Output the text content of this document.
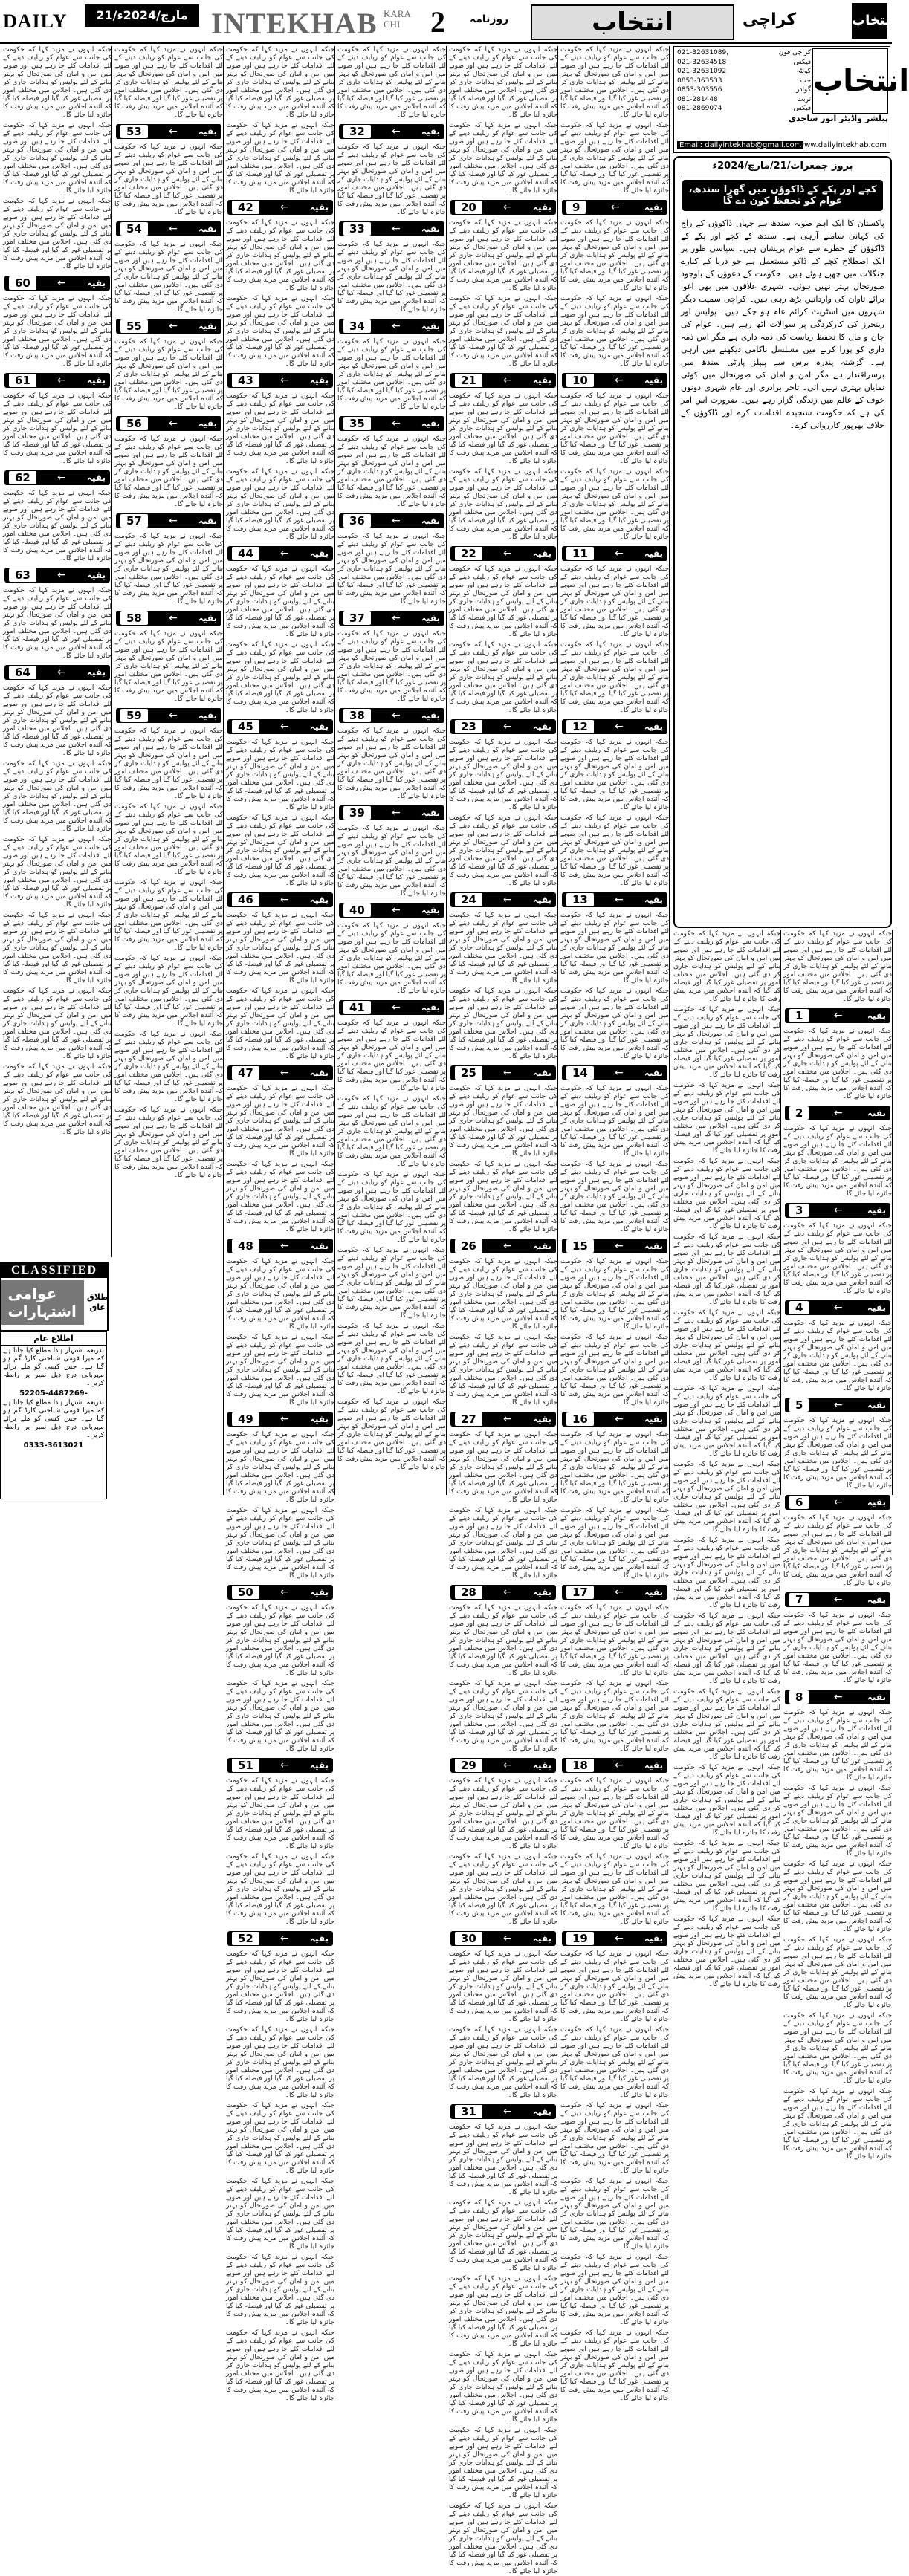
DAILY	21/مارچ/2024ء INTEKHAB KARA CHI	2	روزنامہ	انتخاب	کراچی	انتخاب
انتخاب
021-32631089,	کراچی فون
021-32634518	فیکس
021-32631092	کوئٹہ
0853-363533	حب
0853-303556	گوادر
081-281448	تربت
081-2869074	فیکس
پبلشر واڈیٹر انور ساجدی
Email: dailyintekhab@gmail.com
www.dailyintekhab.com
بروز جمعرات/21/مارچ/2024ء
کچے اور پکے کے ڈاکوؤں میں گھرا سندھ، عوام کو تحفظ کون دے گا
پاکستان کا ایک اہم صوبہ سندھ ہے جہاں ڈاکوؤں کے راج کی کہانی سامنے آرہی ہے۔ سندھ کے کچے اور پکے کے ڈاکوؤں کے خطرے سے عوام پریشان ہیں۔ سیاسی طور پر ایک اصطلاح کچے کے ڈاکو مستعمل ہے جو دریا کے کنارے جنگلات میں چھپے ہوئے ہیں۔ حکومت کے دعوؤں کے باوجود صورتحال بہتر نہیں ہوئی۔ شہری علاقوں میں بھی اغوا برائے تاوان کی وارداتیں بڑھ رہی ہیں۔ کراچی سمیت دیگر شہروں میں اسٹریٹ کرائم عام ہو چکے ہیں۔ پولیس اور رینجرز کی کارکردگی پر سوالات اٹھ رہے ہیں۔ عوام کی جان و مال کا تحفظ ریاست کی ذمہ داری ہے مگر اس ذمہ داری کو پورا کرنے میں مسلسل ناکامی دیکھنے میں آرہی ہے۔ گزشتہ پندرہ برس سے پیپلز پارٹی سندھ میں برسراقتدار ہے مگر امن و امان کی صورتحال میں کوئی نمایاں بہتری نہیں آئی۔ تاجر برادری اور عام شہری دونوں خوف کے عالم میں زندگی گزار رہے ہیں۔ ضرورت اس امر کی ہے کہ حکومت سنجیدہ اقدامات کرے اور ڈاکوؤں کے خلاف بھرپور کارروائی کرے۔

جبکہ انہوں نے مزید کہا کہ حکومت کی جانب سے عوام کو ریلیف دینے کے لئے اقدامات کئے جا رہے ہیں اور صوبے میں امن و امان کی صورتحال کو بہتر بنانے کے لئے پولیس کو ہدایات جاری کر دی گئی ہیں۔ اجلاس میں مختلف امور پر تفصیلی غور کیا گیا اور فیصلہ کیا گیا کہ آئندہ اجلاس میں مزید پیش رفت کا جائزہ لیا جائے گا۔

جبکہ انہوں نے مزید کہا کہ حکومت کی جانب سے عوام کو ریلیف دینے کے لئے اقدامات کئے جا رہے ہیں اور صوبے میں امن و امان کی صورتحال کو بہتر بنانے کے لئے پولیس کو ہدایات جاری کر دی گئی ہیں۔ اجلاس میں مختلف امور پر تفصیلی غور کیا گیا اور فیصلہ کیا گیا کہ آئندہ اجلاس میں مزید پیش رفت کا جائزہ لیا جائے گا۔

9	←	بقیہ

جبکہ انہوں نے مزید کہا کہ حکومت کی جانب سے عوام کو ریلیف دینے کے لئے اقدامات کئے جا رہے ہیں اور صوبے میں امن و امان کی صورتحال کو بہتر بنانے کے لئے پولیس کو ہدایات جاری کر دی گئی ہیں۔ اجلاس میں مختلف امور پر تفصیلی غور کیا گیا اور فیصلہ کیا گیا کہ آئندہ اجلاس میں مزید پیش رفت کا جائزہ لیا جائے گا۔

جبکہ انہوں نے مزید کہا کہ حکومت کی جانب سے عوام کو ریلیف دینے کے لئے اقدامات کئے جا رہے ہیں اور صوبے میں امن و امان کی صورتحال کو بہتر بنانے کے لئے پولیس کو ہدایات جاری کر دی گئی ہیں۔ اجلاس میں مختلف امور پر تفصیلی غور کیا گیا اور فیصلہ کیا گیا کہ آئندہ اجلاس میں مزید پیش رفت کا جائزہ لیا جائے گا۔

10	← بقیہ

جبکہ انہوں نے مزید کہا کہ حکومت کی جانب سے عوام کو ریلیف دینے کے لئے اقدامات کئے جا رہے ہیں اور صوبے میں امن و امان کی صورتحال کو بہتر بنانے کے لئے پولیس کو ہدایات جاری کر دی گئی ہیں۔ اجلاس میں مختلف امور پر تفصیلی غور کیا گیا اور فیصلہ کیا گیا کہ آئندہ اجلاس میں مزید پیش رفت کا جائزہ لیا جائے گا۔

جبکہ انہوں نے مزید کہا کہ حکومت کی جانب سے عوام کو ریلیف دینے کے لئے اقدامات کئے جا رہے ہیں اور صوبے میں امن و امان کی صورتحال کو بہتر بنانے کے لئے پولیس کو ہدایات جاری کر دی گئی ہیں۔ اجلاس میں مختلف امور پر تفصیلی غور کیا گیا اور فیصلہ کیا گیا کہ آئندہ اجلاس میں مزید پیش رفت کا جائزہ لیا جائے گا۔

11	← بقیہ

جبکہ انہوں نے مزید کہا کہ حکومت کی جانب سے عوام کو ریلیف دینے کے لئے اقدامات کئے جا رہے ہیں اور صوبے میں امن و امان کی صورتحال کو بہتر بنانے کے لئے پولیس کو ہدایات جاری کر دی گئی ہیں۔ اجلاس میں مختلف امور پر تفصیلی غور کیا گیا اور فیصلہ کیا گیا کہ آئندہ اجلاس میں مزید پیش رفت کا جائزہ لیا جائے گا۔

جبکہ انہوں نے مزید کہا کہ حکومت کی جانب سے عوام کو ریلیف دینے کے لئے اقدامات کئے جا رہے ہیں اور صوبے میں امن و امان کی صورتحال کو بہتر بنانے کے لئے پولیس کو ہدایات جاری کر دی گئی ہیں۔ اجلاس میں مختلف امور پر تفصیلی غور کیا گیا اور فیصلہ کیا گیا کہ آئندہ اجلاس میں مزید پیش رفت کا جائزہ لیا جائے گا۔

12	← بقیہ

جبکہ انہوں نے مزید کہا کہ حکومت کی جانب سے عوام کو ریلیف دینے کے لئے اقدامات کئے جا رہے ہیں اور صوبے میں امن و امان کی صورتحال کو بہتر بنانے کے لئے پولیس کو ہدایات جاری کر دی گئی ہیں۔ اجلاس میں مختلف امور پر تفصیلی غور کیا گیا اور فیصلہ کیا گیا کہ آئندہ اجلاس میں مزید پیش رفت کا جائزہ لیا جائے گا۔

جبکہ انہوں نے مزید کہا کہ حکومت کی جانب سے عوام کو ریلیف دینے کے لئے اقدامات کئے جا رہے ہیں اور صوبے میں امن و امان کی صورتحال کو بہتر بنانے کے لئے پولیس کو ہدایات جاری کر دی گئی ہیں۔ اجلاس میں مختلف امور پر تفصیلی غور کیا گیا اور فیصلہ کیا گیا کہ آئندہ اجلاس میں مزید پیش رفت کا جائزہ لیا جائے گا۔

13	← بقیہ

جبکہ انہوں نے مزید کہا کہ حکومت کی جانب سے عوام کو ریلیف دینے کے لئے اقدامات کئے جا رہے ہیں اور صوبے میں امن و امان کی صورتحال کو بہتر بنانے کے لئے پولیس کو ہدایات جاری کر دی گئی ہیں۔ اجلاس میں مختلف امور پر تفصیلی غور کیا گیا اور فیصلہ کیا گیا کہ آئندہ اجلاس میں مزید پیش رفت کا جائزہ لیا جائے گا۔

جبکہ انہوں نے مزید کہا کہ حکومت کی جانب سے عوام کو ریلیف دینے کے لئے اقدامات کئے جا رہے ہیں اور صوبے میں امن و امان کی صورتحال کو بہتر بنانے کے لئے پولیس کو ہدایات جاری کر دی گئی ہیں۔ اجلاس میں مختلف امور پر تفصیلی غور کیا گیا اور فیصلہ کیا گیا کہ آئندہ اجلاس میں مزید پیش رفت کا جائزہ لیا جائے گا۔

14	← بقیہ

جبکہ انہوں نے مزید کہا کہ حکومت کی جانب سے عوام کو ریلیف دینے کے لئے اقدامات کئے جا رہے ہیں اور صوبے میں امن و امان کی صورتحال کو بہتر بنانے کے لئے پولیس کو ہدایات جاری کر دی گئی ہیں۔ اجلاس میں مختلف امور پر تفصیلی غور کیا گیا اور فیصلہ کیا گیا کہ آئندہ اجلاس میں مزید پیش رفت کا جائزہ لیا جائے گا۔

جبکہ انہوں نے مزید کہا کہ حکومت کی جانب سے عوام کو ریلیف دینے کے لئے اقدامات کئے جا رہے ہیں اور صوبے میں امن و امان کی صورتحال کو بہتر بنانے کے لئے پولیس کو ہدایات جاری کر دی گئی ہیں۔ اجلاس میں مختلف امور پر تفصیلی غور کیا گیا اور فیصلہ کیا گیا کہ آئندہ اجلاس میں مزید پیش رفت کا جائزہ لیا جائے گا۔

15	← بقیہ

جبکہ انہوں نے مزید کہا کہ حکومت کی جانب سے عوام کو ریلیف دینے کے لئے اقدامات کئے جا رہے ہیں اور صوبے میں امن و امان کی صورتحال کو بہتر بنانے کے لئے پولیس کو ہدایات جاری کر دی گئی ہیں۔ اجلاس میں مختلف امور پر تفصیلی غور کیا گیا اور فیصلہ کیا گیا کہ آئندہ اجلاس میں مزید پیش رفت کا جائزہ لیا جائے گا۔

جبکہ انہوں نے مزید کہا کہ حکومت کی جانب سے عوام کو ریلیف دینے کے لئے اقدامات کئے جا رہے ہیں اور صوبے میں امن و امان کی صورتحال کو بہتر بنانے کے لئے پولیس کو ہدایات جاری کر دی گئی ہیں۔ اجلاس میں مختلف امور پر تفصیلی غور کیا گیا اور فیصلہ کیا گیا کہ آئندہ اجلاس میں مزید پیش رفت کا جائزہ لیا جائے گا۔

16	← بقیہ

جبکہ انہوں نے مزید کہا کہ حکومت کی جانب سے عوام کو ریلیف دینے کے لئے اقدامات کئے جا رہے ہیں اور صوبے میں امن و امان کی صورتحال کو بہتر بنانے کے لئے پولیس کو ہدایات جاری کر دی گئی ہیں۔ اجلاس میں مختلف امور پر تفصیلی غور کیا گیا اور فیصلہ کیا گیا کہ آئندہ اجلاس میں مزید پیش رفت کا جائزہ لیا جائے گا۔

جبکہ انہوں نے مزید کہا کہ حکومت کی جانب سے عوام کو ریلیف دینے کے لئے اقدامات کئے جا رہے ہیں اور صوبے میں امن و امان کی صورتحال کو بہتر بنانے کے لئے پولیس کو ہدایات جاری کر دی گئی ہیں۔ اجلاس میں مختلف امور پر تفصیلی غور کیا گیا اور فیصلہ کیا گیا کہ آئندہ اجلاس میں مزید پیش رفت کا جائزہ لیا جائے گا۔

17	← بقیہ

جبکہ انہوں نے مزید کہا کہ حکومت کی جانب سے عوام کو ریلیف دینے کے لئے اقدامات کئے جا رہے ہیں اور صوبے میں امن و امان کی صورتحال کو بہتر بنانے کے لئے پولیس کو ہدایات جاری کر دی گئی ہیں۔ اجلاس میں مختلف امور پر تفصیلی غور کیا گیا اور فیصلہ کیا گیا کہ آئندہ اجلاس میں مزید پیش رفت کا جائزہ لیا جائے گا۔

جبکہ انہوں نے مزید کہا کہ حکومت کی جانب سے عوام کو ریلیف دینے کے لئے اقدامات کئے جا رہے ہیں اور صوبے میں امن و امان کی صورتحال کو بہتر بنانے کے لئے پولیس کو ہدایات جاری کر دی گئی ہیں۔ اجلاس میں مختلف امور پر تفصیلی غور کیا گیا اور فیصلہ کیا گیا کہ آئندہ اجلاس میں مزید پیش رفت کا جائزہ لیا جائے گا۔

18	← بقیہ

جبکہ انہوں نے مزید کہا کہ حکومت کی جانب سے عوام کو ریلیف دینے کے لئے اقدامات کئے جا رہے ہیں اور صوبے میں امن و امان کی صورتحال کو بہتر بنانے کے لئے پولیس کو ہدایات جاری کر دی گئی ہیں۔ اجلاس میں مختلف امور پر تفصیلی غور کیا گیا اور فیصلہ کیا گیا کہ آئندہ اجلاس میں مزید پیش رفت کا جائزہ لیا جائے گا۔

جبکہ انہوں نے مزید کہا کہ حکومت کی جانب سے عوام کو ریلیف دینے کے لئے اقدامات کئے جا رہے ہیں اور صوبے میں امن و امان کی صورتحال کو بہتر بنانے کے لئے پولیس کو ہدایات جاری کر دی گئی ہیں۔ اجلاس میں مختلف امور پر تفصیلی غور کیا گیا اور فیصلہ کیا گیا کہ آئندہ اجلاس میں مزید پیش رفت کا جائزہ لیا جائے گا۔

19	← بقیہ

جبکہ انہوں نے مزید کہا کہ حکومت کی جانب سے عوام کو ریلیف دینے کے لئے اقدامات کئے جا رہے ہیں اور صوبے میں امن و امان کی صورتحال کو بہتر بنانے کے لئے پولیس کو ہدایات جاری کر دی گئی ہیں۔ اجلاس میں مختلف امور پر تفصیلی غور کیا گیا اور فیصلہ کیا گیا کہ آئندہ اجلاس میں مزید پیش رفت کا جائزہ لیا جائے گا۔

جبکہ انہوں نے مزید کہا کہ حکومت کی جانب سے عوام کو ریلیف دینے کے لئے اقدامات کئے جا رہے ہیں اور صوبے میں امن و امان کی صورتحال کو بہتر بنانے کے لئے پولیس کو ہدایات جاری کر دی گئی ہیں۔ اجلاس میں مختلف امور پر تفصیلی غور کیا گیا اور فیصلہ کیا گیا کہ آئندہ اجلاس میں مزید پیش رفت کا جائزہ لیا جائے گا۔

جبکہ انہوں نے مزید کہا کہ حکومت کی جانب سے عوام کو ریلیف دینے کے لئے اقدامات کئے جا رہے ہیں اور صوبے میں امن و امان کی صورتحال کو بہتر بنانے کے لئے پولیس کو ہدایات جاری کر دی گئی ہیں۔ اجلاس میں مختلف امور پر تفصیلی غور کیا گیا اور فیصلہ کیا گیا کہ آئندہ اجلاس میں مزید پیش رفت کا جائزہ لیا جائے گا۔

جبکہ انہوں نے مزید کہا کہ حکومت کی جانب سے عوام کو ریلیف دینے کے لئے اقدامات کئے جا رہے ہیں اور صوبے میں امن و امان کی صورتحال کو بہتر بنانے کے لئے پولیس کو ہدایات جاری کر دی گئی ہیں۔ اجلاس میں مختلف امور پر تفصیلی غور کیا گیا اور فیصلہ کیا گیا کہ آئندہ اجلاس میں مزید پیش رفت کا جائزہ لیا جائے گا۔

جبکہ انہوں نے مزید کہا کہ حکومت کی جانب سے عوام کو ریلیف دینے کے لئے اقدامات کئے جا رہے ہیں اور صوبے میں امن و امان کی صورتحال کو بہتر بنانے کے لئے پولیس کو ہدایات جاری کر دی گئی ہیں۔ اجلاس میں مختلف امور پر تفصیلی غور کیا گیا اور فیصلہ کیا گیا کہ آئندہ اجلاس میں مزید پیش رفت کا جائزہ لیا جائے گا۔

جبکہ انہوں نے مزید کہا کہ حکومت کی جانب سے عوام کو ریلیف دینے کے لئے اقدامات کئے جا رہے ہیں اور صوبے میں امن و امان کی صورتحال کو بہتر بنانے کے لئے پولیس کو ہدایات جاری کر دی گئی ہیں۔ اجلاس میں مختلف امور پر تفصیلی غور کیا گیا اور فیصلہ کیا گیا کہ آئندہ اجلاس میں مزید پیش رفت کا جائزہ لیا جائے گا۔

جبکہ انہوں نے مزید کہا کہ حکومت کی جانب سے عوام کو ریلیف دینے کے لئے اقدامات کئے جا رہے ہیں اور صوبے میں امن و امان کی صورتحال کو بہتر بنانے کے لئے پولیس کو ہدایات جاری کر دی گئی ہیں۔ اجلاس میں مختلف امور پر تفصیلی غور کیا گیا اور فیصلہ کیا گیا کہ آئندہ اجلاس میں مزید پیش رفت کا جائزہ لیا جائے گا۔

جبکہ انہوں نے مزید کہا کہ حکومت کی جانب سے عوام کو ریلیف دینے کے لئے اقدامات کئے جا رہے ہیں اور صوبے میں امن و امان کی صورتحال کو بہتر بنانے کے لئے پولیس کو ہدایات جاری کر دی گئی ہیں۔ اجلاس میں مختلف امور پر تفصیلی غور کیا گیا اور فیصلہ کیا گیا کہ آئندہ اجلاس میں مزید پیش رفت کا جائزہ لیا جائے گا۔

20	← بقیہ

جبکہ انہوں نے مزید کہا کہ حکومت کی جانب سے عوام کو ریلیف دینے کے لئے اقدامات کئے جا رہے ہیں اور صوبے میں امن و امان کی صورتحال کو بہتر بنانے کے لئے پولیس کو ہدایات جاری کر دی گئی ہیں۔ اجلاس میں مختلف امور پر تفصیلی غور کیا گیا اور فیصلہ کیا گیا کہ آئندہ اجلاس میں مزید پیش رفت کا جائزہ لیا جائے گا۔

جبکہ انہوں نے مزید کہا کہ حکومت کی جانب سے عوام کو ریلیف دینے کے لئے اقدامات کئے جا رہے ہیں اور صوبے میں امن و امان کی صورتحال کو بہتر بنانے کے لئے پولیس کو ہدایات جاری کر دی گئی ہیں۔ اجلاس میں مختلف امور پر تفصیلی غور کیا گیا اور فیصلہ کیا گیا کہ آئندہ اجلاس میں مزید پیش رفت کا جائزہ لیا جائے گا۔

21	← بقیہ

جبکہ انہوں نے مزید کہا کہ حکومت کی جانب سے عوام کو ریلیف دینے کے لئے اقدامات کئے جا رہے ہیں اور صوبے میں امن و امان کی صورتحال کو بہتر بنانے کے لئے پولیس کو ہدایات جاری کر دی گئی ہیں۔ اجلاس میں مختلف امور پر تفصیلی غور کیا گیا اور فیصلہ کیا گیا کہ آئندہ اجلاس میں مزید پیش رفت کا جائزہ لیا جائے گا۔

جبکہ انہوں نے مزید کہا کہ حکومت کی جانب سے عوام کو ریلیف دینے کے لئے اقدامات کئے جا رہے ہیں اور صوبے میں امن و امان کی صورتحال کو بہتر بنانے کے لئے پولیس کو ہدایات جاری کر دی گئی ہیں۔ اجلاس میں مختلف امور پر تفصیلی غور کیا گیا اور فیصلہ کیا گیا کہ آئندہ اجلاس میں مزید پیش رفت کا جائزہ لیا جائے گا۔

22	← بقیہ

جبکہ انہوں نے مزید کہا کہ حکومت کی جانب سے عوام کو ریلیف دینے کے لئے اقدامات کئے جا رہے ہیں اور صوبے میں امن و امان کی صورتحال کو بہتر بنانے کے لئے پولیس کو ہدایات جاری کر دی گئی ہیں۔ اجلاس میں مختلف امور پر تفصیلی غور کیا گیا اور فیصلہ کیا گیا کہ آئندہ اجلاس میں مزید پیش رفت کا جائزہ لیا جائے گا۔

جبکہ انہوں نے مزید کہا کہ حکومت کی جانب سے عوام کو ریلیف دینے کے لئے اقدامات کئے جا رہے ہیں اور صوبے میں امن و امان کی صورتحال کو بہتر بنانے کے لئے پولیس کو ہدایات جاری کر دی گئی ہیں۔ اجلاس میں مختلف امور پر تفصیلی غور کیا گیا اور فیصلہ کیا گیا کہ آئندہ اجلاس میں مزید پیش رفت کا جائزہ لیا جائے گا۔

23	← بقیہ

جبکہ انہوں نے مزید کہا کہ حکومت کی جانب سے عوام کو ریلیف دینے کے لئے اقدامات کئے جا رہے ہیں اور صوبے میں امن و امان کی صورتحال کو بہتر بنانے کے لئے پولیس کو ہدایات جاری کر دی گئی ہیں۔ اجلاس میں مختلف امور پر تفصیلی غور کیا گیا اور فیصلہ کیا گیا کہ آئندہ اجلاس میں مزید پیش رفت کا جائزہ لیا جائے گا۔

جبکہ انہوں نے مزید کہا کہ حکومت کی جانب سے عوام کو ریلیف دینے کے لئے اقدامات کئے جا رہے ہیں اور صوبے میں امن و امان کی صورتحال کو بہتر بنانے کے لئے پولیس کو ہدایات جاری کر دی گئی ہیں۔ اجلاس میں مختلف امور پر تفصیلی غور کیا گیا اور فیصلہ کیا گیا کہ آئندہ اجلاس میں مزید پیش رفت کا جائزہ لیا جائے گا۔

24	← بقیہ

جبکہ انہوں نے مزید کہا کہ حکومت کی جانب سے عوام کو ریلیف دینے کے لئے اقدامات کئے جا رہے ہیں اور صوبے میں امن و امان کی صورتحال کو بہتر بنانے کے لئے پولیس کو ہدایات جاری کر دی گئی ہیں۔ اجلاس میں مختلف امور پر تفصیلی غور کیا گیا اور فیصلہ کیا گیا کہ آئندہ اجلاس میں مزید پیش رفت کا جائزہ لیا جائے گا۔

جبکہ انہوں نے مزید کہا کہ حکومت کی جانب سے عوام کو ریلیف دینے کے لئے اقدامات کئے جا رہے ہیں اور صوبے میں امن و امان کی صورتحال کو بہتر بنانے کے لئے پولیس کو ہدایات جاری کر دی گئی ہیں۔ اجلاس میں مختلف امور پر تفصیلی غور کیا گیا اور فیصلہ کیا گیا کہ آئندہ اجلاس میں مزید پیش رفت کا جائزہ لیا جائے گا۔

25	← بقیہ

جبکہ انہوں نے مزید کہا کہ حکومت کی جانب سے عوام کو ریلیف دینے کے لئے اقدامات کئے جا رہے ہیں اور صوبے میں امن و امان کی صورتحال کو بہتر بنانے کے لئے پولیس کو ہدایات جاری کر دی گئی ہیں۔ اجلاس میں مختلف امور پر تفصیلی غور کیا گیا اور فیصلہ کیا گیا کہ آئندہ اجلاس میں مزید پیش رفت کا جائزہ لیا جائے گا۔

جبکہ انہوں نے مزید کہا کہ حکومت کی جانب سے عوام کو ریلیف دینے کے لئے اقدامات کئے جا رہے ہیں اور صوبے میں امن و امان کی صورتحال کو بہتر بنانے کے لئے پولیس کو ہدایات جاری کر دی گئی ہیں۔ اجلاس میں مختلف امور پر تفصیلی غور کیا گیا اور فیصلہ کیا گیا کہ آئندہ اجلاس میں مزید پیش رفت کا جائزہ لیا جائے گا۔

26	← بقیہ

جبکہ انہوں نے مزید کہا کہ حکومت کی جانب سے عوام کو ریلیف دینے کے لئے اقدامات کئے جا رہے ہیں اور صوبے میں امن و امان کی صورتحال کو بہتر بنانے کے لئے پولیس کو ہدایات جاری کر دی گئی ہیں۔ اجلاس میں مختلف امور پر تفصیلی غور کیا گیا اور فیصلہ کیا گیا کہ آئندہ اجلاس میں مزید پیش رفت کا جائزہ لیا جائے گا۔

جبکہ انہوں نے مزید کہا کہ حکومت کی جانب سے عوام کو ریلیف دینے کے لئے اقدامات کئے جا رہے ہیں اور صوبے میں امن و امان کی صورتحال کو بہتر بنانے کے لئے پولیس کو ہدایات جاری کر دی گئی ہیں۔ اجلاس میں مختلف امور پر تفصیلی غور کیا گیا اور فیصلہ کیا گیا کہ آئندہ اجلاس میں مزید پیش رفت کا جائزہ لیا جائے گا۔

27	← بقیہ

جبکہ انہوں نے مزید کہا کہ حکومت کی جانب سے عوام کو ریلیف دینے کے لئے اقدامات کئے جا رہے ہیں اور صوبے میں امن و امان کی صورتحال کو بہتر بنانے کے لئے پولیس کو ہدایات جاری کر دی گئی ہیں۔ اجلاس میں مختلف امور پر تفصیلی غور کیا گیا اور فیصلہ کیا گیا کہ آئندہ اجلاس میں مزید پیش رفت کا جائزہ لیا جائے گا۔

جبکہ انہوں نے مزید کہا کہ حکومت کی جانب سے عوام کو ریلیف دینے کے لئے اقدامات کئے جا رہے ہیں اور صوبے میں امن و امان کی صورتحال کو بہتر بنانے کے لئے پولیس کو ہدایات جاری کر دی گئی ہیں۔ اجلاس میں مختلف امور پر تفصیلی غور کیا گیا اور فیصلہ کیا گیا کہ آئندہ اجلاس میں مزید پیش رفت کا جائزہ لیا جائے گا۔

28	← بقیہ

جبکہ انہوں نے مزید کہا کہ حکومت کی جانب سے عوام کو ریلیف دینے کے لئے اقدامات کئے جا رہے ہیں اور صوبے میں امن و امان کی صورتحال کو بہتر بنانے کے لئے پولیس کو ہدایات جاری کر دی گئی ہیں۔ اجلاس میں مختلف امور پر تفصیلی غور کیا گیا اور فیصلہ کیا گیا کہ آئندہ اجلاس میں مزید پیش رفت کا جائزہ لیا جائے گا۔

جبکہ انہوں نے مزید کہا کہ حکومت کی جانب سے عوام کو ریلیف دینے کے لئے اقدامات کئے جا رہے ہیں اور صوبے میں امن و امان کی صورتحال کو بہتر بنانے کے لئے پولیس کو ہدایات جاری کر دی گئی ہیں۔ اجلاس میں مختلف امور پر تفصیلی غور کیا گیا اور فیصلہ کیا گیا کہ آئندہ اجلاس میں مزید پیش رفت کا جائزہ لیا جائے گا۔

29	← بقیہ

جبکہ انہوں نے مزید کہا کہ حکومت کی جانب سے عوام کو ریلیف دینے کے لئے اقدامات کئے جا رہے ہیں اور صوبے میں امن و امان کی صورتحال کو بہتر بنانے کے لئے پولیس کو ہدایات جاری کر دی گئی ہیں۔ اجلاس میں مختلف امور پر تفصیلی غور کیا گیا اور فیصلہ کیا گیا کہ آئندہ اجلاس میں مزید پیش رفت کا جائزہ لیا جائے گا۔

جبکہ انہوں نے مزید کہا کہ حکومت کی جانب سے عوام کو ریلیف دینے کے لئے اقدامات کئے جا رہے ہیں اور صوبے میں امن و امان کی صورتحال کو بہتر بنانے کے لئے پولیس کو ہدایات جاری کر دی گئی ہیں۔ اجلاس میں مختلف امور پر تفصیلی غور کیا گیا اور فیصلہ کیا گیا کہ آئندہ اجلاس میں مزید پیش رفت کا جائزہ لیا جائے گا۔

30	← بقیہ

جبکہ انہوں نے مزید کہا کہ حکومت کی جانب سے عوام کو ریلیف دینے کے لئے اقدامات کئے جا رہے ہیں اور صوبے میں امن و امان کی صورتحال کو بہتر بنانے کے لئے پولیس کو ہدایات جاری کر دی گئی ہیں۔ اجلاس میں مختلف امور پر تفصیلی غور کیا گیا اور فیصلہ کیا گیا کہ آئندہ اجلاس میں مزید پیش رفت کا جائزہ لیا جائے گا۔

جبکہ انہوں نے مزید کہا کہ حکومت کی جانب سے عوام کو ریلیف دینے کے لئے اقدامات کئے جا رہے ہیں اور صوبے میں امن و امان کی صورتحال کو بہتر بنانے کے لئے پولیس کو ہدایات جاری کر دی گئی ہیں۔ اجلاس میں مختلف امور پر تفصیلی غور کیا گیا اور فیصلہ کیا گیا کہ آئندہ اجلاس میں مزید پیش رفت کا جائزہ لیا جائے گا۔

31	← بقیہ

جبکہ انہوں نے مزید کہا کہ حکومت کی جانب سے عوام کو ریلیف دینے کے لئے اقدامات کئے جا رہے ہیں اور صوبے میں امن و امان کی صورتحال کو بہتر بنانے کے لئے پولیس کو ہدایات جاری کر دی گئی ہیں۔ اجلاس میں مختلف امور پر تفصیلی غور کیا گیا اور فیصلہ کیا گیا کہ آئندہ اجلاس میں مزید پیش رفت کا جائزہ لیا جائے گا۔

جبکہ انہوں نے مزید کہا کہ حکومت کی جانب سے عوام کو ریلیف دینے کے لئے اقدامات کئے جا رہے ہیں اور صوبے میں امن و امان کی صورتحال کو بہتر بنانے کے لئے پولیس کو ہدایات جاری کر دی گئی ہیں۔ اجلاس میں مختلف امور پر تفصیلی غور کیا گیا اور فیصلہ کیا گیا کہ آئندہ اجلاس میں مزید پیش رفت کا جائزہ لیا جائے گا۔

جبکہ انہوں نے مزید کہا کہ حکومت کی جانب سے عوام کو ریلیف دینے کے لئے اقدامات کئے جا رہے ہیں اور صوبے میں امن و امان کی صورتحال کو بہتر بنانے کے لئے پولیس کو ہدایات جاری کر دی گئی ہیں۔ اجلاس میں مختلف امور پر تفصیلی غور کیا گیا اور فیصلہ کیا گیا کہ آئندہ اجلاس میں مزید پیش رفت کا جائزہ لیا جائے گا۔

جبکہ انہوں نے مزید کہا کہ حکومت کی جانب سے عوام کو ریلیف دینے کے لئے اقدامات کئے جا رہے ہیں اور صوبے میں امن و امان کی صورتحال کو بہتر بنانے کے لئے پولیس کو ہدایات جاری کر دی گئی ہیں۔ اجلاس میں مختلف امور پر تفصیلی غور کیا گیا اور فیصلہ کیا گیا کہ آئندہ اجلاس میں مزید پیش رفت کا جائزہ لیا جائے گا۔

جبکہ انہوں نے مزید کہا کہ حکومت کی جانب سے عوام کو ریلیف دینے کے لئے اقدامات کئے جا رہے ہیں اور صوبے میں امن و امان کی صورتحال کو بہتر بنانے کے لئے پولیس کو ہدایات جاری کر دی گئی ہیں۔ اجلاس میں مختلف امور پر تفصیلی غور کیا گیا اور فیصلہ کیا گیا کہ آئندہ اجلاس میں مزید پیش رفت کا جائزہ لیا جائے گا۔

جبکہ انہوں نے مزید کہا کہ حکومت کی جانب سے عوام کو ریلیف دینے کے لئے اقدامات کئے جا رہے ہیں اور صوبے میں امن و امان کی صورتحال کو بہتر بنانے کے لئے پولیس کو ہدایات جاری کر دی گئی ہیں۔ اجلاس میں مختلف امور پر تفصیلی غور کیا گیا اور فیصلہ کیا گیا کہ آئندہ اجلاس میں مزید پیش رفت کا جائزہ لیا جائے گا۔

جبکہ انہوں نے مزید کہا کہ حکومت کی جانب سے عوام کو ریلیف دینے کے لئے اقدامات کئے جا رہے ہیں اور صوبے میں امن و امان کی صورتحال کو بہتر بنانے کے لئے پولیس کو ہدایات جاری کر دی گئی ہیں۔ اجلاس میں مختلف امور پر تفصیلی غور کیا گیا اور فیصلہ کیا گیا کہ آئندہ اجلاس میں مزید پیش رفت کا جائزہ لیا جائے گا۔

32	← بقیہ

جبکہ انہوں نے مزید کہا کہ حکومت کی جانب سے عوام کو ریلیف دینے کے لئے اقدامات کئے جا رہے ہیں اور صوبے میں امن و امان کی صورتحال کو بہتر بنانے کے لئے پولیس کو ہدایات جاری کر دی گئی ہیں۔ اجلاس میں مختلف امور پر تفصیلی غور کیا گیا اور فیصلہ کیا گیا کہ آئندہ اجلاس میں مزید پیش رفت کا جائزہ لیا جائے گا۔

33	← بقیہ

جبکہ انہوں نے مزید کہا کہ حکومت کی جانب سے عوام کو ریلیف دینے کے لئے اقدامات کئے جا رہے ہیں اور صوبے میں امن و امان کی صورتحال کو بہتر بنانے کے لئے پولیس کو ہدایات جاری کر دی گئی ہیں۔ اجلاس میں مختلف امور پر تفصیلی غور کیا گیا اور فیصلہ کیا گیا کہ آئندہ اجلاس میں مزید پیش رفت کا جائزہ لیا جائے گا۔

34	← بقیہ

جبکہ انہوں نے مزید کہا کہ حکومت کی جانب سے عوام کو ریلیف دینے کے لئے اقدامات کئے جا رہے ہیں اور صوبے میں امن و امان کی صورتحال کو بہتر بنانے کے لئے پولیس کو ہدایات جاری کر دی گئی ہیں۔ اجلاس میں مختلف امور پر تفصیلی غور کیا گیا اور فیصلہ کیا گیا کہ آئندہ اجلاس میں مزید پیش رفت کا جائزہ لیا جائے گا۔

35	← بقیہ

جبکہ انہوں نے مزید کہا کہ حکومت کی جانب سے عوام کو ریلیف دینے کے لئے اقدامات کئے جا رہے ہیں اور صوبے میں امن و امان کی صورتحال کو بہتر بنانے کے لئے پولیس کو ہدایات جاری کر دی گئی ہیں۔ اجلاس میں مختلف امور پر تفصیلی غور کیا گیا اور فیصلہ کیا گیا کہ آئندہ اجلاس میں مزید پیش رفت کا جائزہ لیا جائے گا۔

36	← بقیہ

جبکہ انہوں نے مزید کہا کہ حکومت کی جانب سے عوام کو ریلیف دینے کے لئے اقدامات کئے جا رہے ہیں اور صوبے میں امن و امان کی صورتحال کو بہتر بنانے کے لئے پولیس کو ہدایات جاری کر دی گئی ہیں۔ اجلاس میں مختلف امور پر تفصیلی غور کیا گیا اور فیصلہ کیا گیا کہ آئندہ اجلاس میں مزید پیش رفت کا جائزہ لیا جائے گا۔

37	← بقیہ

جبکہ انہوں نے مزید کہا کہ حکومت کی جانب سے عوام کو ریلیف دینے کے لئے اقدامات کئے جا رہے ہیں اور صوبے میں امن و امان کی صورتحال کو بہتر بنانے کے لئے پولیس کو ہدایات جاری کر دی گئی ہیں۔ اجلاس میں مختلف امور پر تفصیلی غور کیا گیا اور فیصلہ کیا گیا کہ آئندہ اجلاس میں مزید پیش رفت کا جائزہ لیا جائے گا۔

38	← بقیہ

جبکہ انہوں نے مزید کہا کہ حکومت کی جانب سے عوام کو ریلیف دینے کے لئے اقدامات کئے جا رہے ہیں اور صوبے میں امن و امان کی صورتحال کو بہتر بنانے کے لئے پولیس کو ہدایات جاری کر دی گئی ہیں۔ اجلاس میں مختلف امور پر تفصیلی غور کیا گیا اور فیصلہ کیا گیا کہ آئندہ اجلاس میں مزید پیش رفت کا جائزہ لیا جائے گا۔

39	← بقیہ

جبکہ انہوں نے مزید کہا کہ حکومت کی جانب سے عوام کو ریلیف دینے کے لئے اقدامات کئے جا رہے ہیں اور صوبے میں امن و امان کی صورتحال کو بہتر بنانے کے لئے پولیس کو ہدایات جاری کر دی گئی ہیں۔ اجلاس میں مختلف امور پر تفصیلی غور کیا گیا اور فیصلہ کیا گیا کہ آئندہ اجلاس میں مزید پیش رفت کا جائزہ لیا جائے گا۔

40	← بقیہ

جبکہ انہوں نے مزید کہا کہ حکومت کی جانب سے عوام کو ریلیف دینے کے لئے اقدامات کئے جا رہے ہیں اور صوبے میں امن و امان کی صورتحال کو بہتر بنانے کے لئے پولیس کو ہدایات جاری کر دی گئی ہیں۔ اجلاس میں مختلف امور پر تفصیلی غور کیا گیا اور فیصلہ کیا گیا کہ آئندہ اجلاس میں مزید پیش رفت کا جائزہ لیا جائے گا۔

41	← بقیہ

جبکہ انہوں نے مزید کہا کہ حکومت کی جانب سے عوام کو ریلیف دینے کے لئے اقدامات کئے جا رہے ہیں اور صوبے میں امن و امان کی صورتحال کو بہتر بنانے کے لئے پولیس کو ہدایات جاری کر دی گئی ہیں۔ اجلاس میں مختلف امور پر تفصیلی غور کیا گیا اور فیصلہ کیا گیا کہ آئندہ اجلاس میں مزید پیش رفت کا جائزہ لیا جائے گا۔

جبکہ انہوں نے مزید کہا کہ حکومت کی جانب سے عوام کو ریلیف دینے کے لئے اقدامات کئے جا رہے ہیں اور صوبے میں امن و امان کی صورتحال کو بہتر بنانے کے لئے پولیس کو ہدایات جاری کر دی گئی ہیں۔ اجلاس میں مختلف امور پر تفصیلی غور کیا گیا اور فیصلہ کیا گیا کہ آئندہ اجلاس میں مزید پیش رفت کا جائزہ لیا جائے گا۔

جبکہ انہوں نے مزید کہا کہ حکومت کی جانب سے عوام کو ریلیف دینے کے لئے اقدامات کئے جا رہے ہیں اور صوبے میں امن و امان کی صورتحال کو بہتر بنانے کے لئے پولیس کو ہدایات جاری کر دی گئی ہیں۔ اجلاس میں مختلف امور پر تفصیلی غور کیا گیا اور فیصلہ کیا گیا کہ آئندہ اجلاس میں مزید پیش رفت کا جائزہ لیا جائے گا۔

جبکہ انہوں نے مزید کہا کہ حکومت کی جانب سے عوام کو ریلیف دینے کے لئے اقدامات کئے جا رہے ہیں اور صوبے میں امن و امان کی صورتحال کو بہتر بنانے کے لئے پولیس کو ہدایات جاری کر دی گئی ہیں۔ اجلاس میں مختلف امور پر تفصیلی غور کیا گیا اور فیصلہ کیا گیا کہ آئندہ اجلاس میں مزید پیش رفت کا جائزہ لیا جائے گا۔

جبکہ انہوں نے مزید کہا کہ حکومت کی جانب سے عوام کو ریلیف دینے کے لئے اقدامات کئے جا رہے ہیں اور صوبے میں امن و امان کی صورتحال کو بہتر بنانے کے لئے پولیس کو ہدایات جاری کر دی گئی ہیں۔ اجلاس میں مختلف امور پر تفصیلی غور کیا گیا اور فیصلہ کیا گیا کہ آئندہ اجلاس میں مزید پیش رفت کا جائزہ لیا جائے گا۔

جبکہ انہوں نے مزید کہا کہ حکومت کی جانب سے عوام کو ریلیف دینے کے لئے اقدامات کئے جا رہے ہیں اور صوبے میں امن و امان کی صورتحال کو بہتر بنانے کے لئے پولیس کو ہدایات جاری کر دی گئی ہیں۔ اجلاس میں مختلف امور پر تفصیلی غور کیا گیا اور فیصلہ کیا گیا کہ آئندہ اجلاس میں مزید پیش رفت کا جائزہ لیا جائے گا۔

جبکہ انہوں نے مزید کہا کہ حکومت کی جانب سے عوام کو ریلیف دینے کے لئے اقدامات کئے جا رہے ہیں اور صوبے میں امن و امان کی صورتحال کو بہتر بنانے کے لئے پولیس کو ہدایات جاری کر دی گئی ہیں۔ اجلاس میں مختلف امور پر تفصیلی غور کیا گیا اور فیصلہ کیا گیا کہ آئندہ اجلاس میں مزید پیش رفت کا جائزہ لیا جائے گا۔

جبکہ انہوں نے مزید کہا کہ حکومت کی جانب سے عوام کو ریلیف دینے کے لئے اقدامات کئے جا رہے ہیں اور صوبے میں امن و امان کی صورتحال کو بہتر بنانے کے لئے پولیس کو ہدایات جاری کر دی گئی ہیں۔ اجلاس میں مختلف امور پر تفصیلی غور کیا گیا اور فیصلہ کیا گیا کہ آئندہ اجلاس میں مزید پیش رفت کا جائزہ لیا جائے گا۔

42	← بقیہ

جبکہ انہوں نے مزید کہا کہ حکومت کی جانب سے عوام کو ریلیف دینے کے لئے اقدامات کئے جا رہے ہیں اور صوبے میں امن و امان کی صورتحال کو بہتر بنانے کے لئے پولیس کو ہدایات جاری کر دی گئی ہیں۔ اجلاس میں مختلف امور پر تفصیلی غور کیا گیا اور فیصلہ کیا گیا کہ آئندہ اجلاس میں مزید پیش رفت کا جائزہ لیا جائے گا۔

جبکہ انہوں نے مزید کہا کہ حکومت کی جانب سے عوام کو ریلیف دینے کے لئے اقدامات کئے جا رہے ہیں اور صوبے میں امن و امان کی صورتحال کو بہتر بنانے کے لئے پولیس کو ہدایات جاری کر دی گئی ہیں۔ اجلاس میں مختلف امور پر تفصیلی غور کیا گیا اور فیصلہ کیا گیا کہ آئندہ اجلاس میں مزید پیش رفت کا جائزہ لیا جائے گا۔

43	← بقیہ

جبکہ انہوں نے مزید کہا کہ حکومت کی جانب سے عوام کو ریلیف دینے کے لئے اقدامات کئے جا رہے ہیں اور صوبے میں امن و امان کی صورتحال کو بہتر بنانے کے لئے پولیس کو ہدایات جاری کر دی گئی ہیں۔ اجلاس میں مختلف امور پر تفصیلی غور کیا گیا اور فیصلہ کیا گیا کہ آئندہ اجلاس میں مزید پیش رفت کا جائزہ لیا جائے گا۔

جبکہ انہوں نے مزید کہا کہ حکومت کی جانب سے عوام کو ریلیف دینے کے لئے اقدامات کئے جا رہے ہیں اور صوبے میں امن و امان کی صورتحال کو بہتر بنانے کے لئے پولیس کو ہدایات جاری کر دی گئی ہیں۔ اجلاس میں مختلف امور پر تفصیلی غور کیا گیا اور فیصلہ کیا گیا کہ آئندہ اجلاس میں مزید پیش رفت کا جائزہ لیا جائے گا۔

44	← بقیہ

جبکہ انہوں نے مزید کہا کہ حکومت کی جانب سے عوام کو ریلیف دینے کے لئے اقدامات کئے جا رہے ہیں اور صوبے میں امن و امان کی صورتحال کو بہتر بنانے کے لئے پولیس کو ہدایات جاری کر دی گئی ہیں۔ اجلاس میں مختلف امور پر تفصیلی غور کیا گیا اور فیصلہ کیا گیا کہ آئندہ اجلاس میں مزید پیش رفت کا جائزہ لیا جائے گا۔

جبکہ انہوں نے مزید کہا کہ حکومت کی جانب سے عوام کو ریلیف دینے کے لئے اقدامات کئے جا رہے ہیں اور صوبے میں امن و امان کی صورتحال کو بہتر بنانے کے لئے پولیس کو ہدایات جاری کر دی گئی ہیں۔ اجلاس میں مختلف امور پر تفصیلی غور کیا گیا اور فیصلہ کیا گیا کہ آئندہ اجلاس میں مزید پیش رفت کا جائزہ لیا جائے گا۔

45	← بقیہ

جبکہ انہوں نے مزید کہا کہ حکومت کی جانب سے عوام کو ریلیف دینے کے لئے اقدامات کئے جا رہے ہیں اور صوبے میں امن و امان کی صورتحال کو بہتر بنانے کے لئے پولیس کو ہدایات جاری کر دی گئی ہیں۔ اجلاس میں مختلف امور پر تفصیلی غور کیا گیا اور فیصلہ کیا گیا کہ آئندہ اجلاس میں مزید پیش رفت کا جائزہ لیا جائے گا۔

جبکہ انہوں نے مزید کہا کہ حکومت کی جانب سے عوام کو ریلیف دینے کے لئے اقدامات کئے جا رہے ہیں اور صوبے میں امن و امان کی صورتحال کو بہتر بنانے کے لئے پولیس کو ہدایات جاری کر دی گئی ہیں۔ اجلاس میں مختلف امور پر تفصیلی غور کیا گیا اور فیصلہ کیا گیا کہ آئندہ اجلاس میں مزید پیش رفت کا جائزہ لیا جائے گا۔

46	← بقیہ

جبکہ انہوں نے مزید کہا کہ حکومت کی جانب سے عوام کو ریلیف دینے کے لئے اقدامات کئے جا رہے ہیں اور صوبے میں امن و امان کی صورتحال کو بہتر بنانے کے لئے پولیس کو ہدایات جاری کر دی گئی ہیں۔ اجلاس میں مختلف امور پر تفصیلی غور کیا گیا اور فیصلہ کیا گیا کہ آئندہ اجلاس میں مزید پیش رفت کا جائزہ لیا جائے گا۔

جبکہ انہوں نے مزید کہا کہ حکومت کی جانب سے عوام کو ریلیف دینے کے لئے اقدامات کئے جا رہے ہیں اور صوبے میں امن و امان کی صورتحال کو بہتر بنانے کے لئے پولیس کو ہدایات جاری کر دی گئی ہیں۔ اجلاس میں مختلف امور پر تفصیلی غور کیا گیا اور فیصلہ کیا گیا کہ آئندہ اجلاس میں مزید پیش رفت کا جائزہ لیا جائے گا۔

47	← بقیہ

جبکہ انہوں نے مزید کہا کہ حکومت کی جانب سے عوام کو ریلیف دینے کے لئے اقدامات کئے جا رہے ہیں اور صوبے میں امن و امان کی صورتحال کو بہتر بنانے کے لئے پولیس کو ہدایات جاری کر دی گئی ہیں۔ اجلاس میں مختلف امور پر تفصیلی غور کیا گیا اور فیصلہ کیا گیا کہ آئندہ اجلاس میں مزید پیش رفت کا جائزہ لیا جائے گا۔

جبکہ انہوں نے مزید کہا کہ حکومت کی جانب سے عوام کو ریلیف دینے کے لئے اقدامات کئے جا رہے ہیں اور صوبے میں امن و امان کی صورتحال کو بہتر بنانے کے لئے پولیس کو ہدایات جاری کر دی گئی ہیں۔ اجلاس میں مختلف امور پر تفصیلی غور کیا گیا اور فیصلہ کیا گیا کہ آئندہ اجلاس میں مزید پیش رفت کا جائزہ لیا جائے گا۔

48	← بقیہ

جبکہ انہوں نے مزید کہا کہ حکومت کی جانب سے عوام کو ریلیف دینے کے لئے اقدامات کئے جا رہے ہیں اور صوبے میں امن و امان کی صورتحال کو بہتر بنانے کے لئے پولیس کو ہدایات جاری کر دی گئی ہیں۔ اجلاس میں مختلف امور پر تفصیلی غور کیا گیا اور فیصلہ کیا گیا کہ آئندہ اجلاس میں مزید پیش رفت کا جائزہ لیا جائے گا۔

جبکہ انہوں نے مزید کہا کہ حکومت کی جانب سے عوام کو ریلیف دینے کے لئے اقدامات کئے جا رہے ہیں اور صوبے میں امن و امان کی صورتحال کو بہتر بنانے کے لئے پولیس کو ہدایات جاری کر دی گئی ہیں۔ اجلاس میں مختلف امور پر تفصیلی غور کیا گیا اور فیصلہ کیا گیا کہ آئندہ اجلاس میں مزید پیش رفت کا جائزہ لیا جائے گا۔

49	← بقیہ

جبکہ انہوں نے مزید کہا کہ حکومت کی جانب سے عوام کو ریلیف دینے کے لئے اقدامات کئے جا رہے ہیں اور صوبے میں امن و امان کی صورتحال کو بہتر بنانے کے لئے پولیس کو ہدایات جاری کر دی گئی ہیں۔ اجلاس میں مختلف امور پر تفصیلی غور کیا گیا اور فیصلہ کیا گیا کہ آئندہ اجلاس میں مزید پیش رفت کا جائزہ لیا جائے گا۔

جبکہ انہوں نے مزید کہا کہ حکومت کی جانب سے عوام کو ریلیف دینے کے لئے اقدامات کئے جا رہے ہیں اور صوبے میں امن و امان کی صورتحال کو بہتر بنانے کے لئے پولیس کو ہدایات جاری کر دی گئی ہیں۔ اجلاس میں مختلف امور پر تفصیلی غور کیا گیا اور فیصلہ کیا گیا کہ آئندہ اجلاس میں مزید پیش رفت کا جائزہ لیا جائے گا۔

50	← بقیہ

جبکہ انہوں نے مزید کہا کہ حکومت کی جانب سے عوام کو ریلیف دینے کے لئے اقدامات کئے جا رہے ہیں اور صوبے میں امن و امان کی صورتحال کو بہتر بنانے کے لئے پولیس کو ہدایات جاری کر دی گئی ہیں۔ اجلاس میں مختلف امور پر تفصیلی غور کیا گیا اور فیصلہ کیا گیا کہ آئندہ اجلاس میں مزید پیش رفت کا جائزہ لیا جائے گا۔

جبکہ انہوں نے مزید کہا کہ حکومت کی جانب سے عوام کو ریلیف دینے کے لئے اقدامات کئے جا رہے ہیں اور صوبے میں امن و امان کی صورتحال کو بہتر بنانے کے لئے پولیس کو ہدایات جاری کر دی گئی ہیں۔ اجلاس میں مختلف امور پر تفصیلی غور کیا گیا اور فیصلہ کیا گیا کہ آئندہ اجلاس میں مزید پیش رفت کا جائزہ لیا جائے گا۔

51	← بقیہ

جبکہ انہوں نے مزید کہا کہ حکومت کی جانب سے عوام کو ریلیف دینے کے لئے اقدامات کئے جا رہے ہیں اور صوبے میں امن و امان کی صورتحال کو بہتر بنانے کے لئے پولیس کو ہدایات جاری کر دی گئی ہیں۔ اجلاس میں مختلف امور پر تفصیلی غور کیا گیا اور فیصلہ کیا گیا کہ آئندہ اجلاس میں مزید پیش رفت کا جائزہ لیا جائے گا۔

جبکہ انہوں نے مزید کہا کہ حکومت کی جانب سے عوام کو ریلیف دینے کے لئے اقدامات کئے جا رہے ہیں اور صوبے میں امن و امان کی صورتحال کو بہتر بنانے کے لئے پولیس کو ہدایات جاری کر دی گئی ہیں۔ اجلاس میں مختلف امور پر تفصیلی غور کیا گیا اور فیصلہ کیا گیا کہ آئندہ اجلاس میں مزید پیش رفت کا جائزہ لیا جائے گا۔

52	← بقیہ

جبکہ انہوں نے مزید کہا کہ حکومت کی جانب سے عوام کو ریلیف دینے کے لئے اقدامات کئے جا رہے ہیں اور صوبے میں امن و امان کی صورتحال کو بہتر بنانے کے لئے پولیس کو ہدایات جاری کر دی گئی ہیں۔ اجلاس میں مختلف امور پر تفصیلی غور کیا گیا اور فیصلہ کیا گیا کہ آئندہ اجلاس میں مزید پیش رفت کا جائزہ لیا جائے گا۔

جبکہ انہوں نے مزید کہا کہ حکومت کی جانب سے عوام کو ریلیف دینے کے لئے اقدامات کئے جا رہے ہیں اور صوبے میں امن و امان کی صورتحال کو بہتر بنانے کے لئے پولیس کو ہدایات جاری کر دی گئی ہیں۔ اجلاس میں مختلف امور پر تفصیلی غور کیا گیا اور فیصلہ کیا گیا کہ آئندہ اجلاس میں مزید پیش رفت کا جائزہ لیا جائے گا۔

جبکہ انہوں نے مزید کہا کہ حکومت کی جانب سے عوام کو ریلیف دینے کے لئے اقدامات کئے جا رہے ہیں اور صوبے میں امن و امان کی صورتحال کو بہتر بنانے کے لئے پولیس کو ہدایات جاری کر دی گئی ہیں۔ اجلاس میں مختلف امور پر تفصیلی غور کیا گیا اور فیصلہ کیا گیا کہ آئندہ اجلاس میں مزید پیش رفت کا جائزہ لیا جائے گا۔

جبکہ انہوں نے مزید کہا کہ حکومت کی جانب سے عوام کو ریلیف دینے کے لئے اقدامات کئے جا رہے ہیں اور صوبے میں امن و امان کی صورتحال کو بہتر بنانے کے لئے پولیس کو ہدایات جاری کر دی گئی ہیں۔ اجلاس میں مختلف امور پر تفصیلی غور کیا گیا اور فیصلہ کیا گیا کہ آئندہ اجلاس میں مزید پیش رفت کا جائزہ لیا جائے گا۔

جبکہ انہوں نے مزید کہا کہ حکومت کی جانب سے عوام کو ریلیف دینے کے لئے اقدامات کئے جا رہے ہیں اور صوبے میں امن و امان کی صورتحال کو بہتر بنانے کے لئے پولیس کو ہدایات جاری کر دی گئی ہیں۔ اجلاس میں مختلف امور پر تفصیلی غور کیا گیا اور فیصلہ کیا گیا کہ آئندہ اجلاس میں مزید پیش رفت کا جائزہ لیا جائے گا۔

جبکہ انہوں نے مزید کہا کہ حکومت کی جانب سے عوام کو ریلیف دینے کے لئے اقدامات کئے جا رہے ہیں اور صوبے میں امن و امان کی صورتحال کو بہتر بنانے کے لئے پولیس کو ہدایات جاری کر دی گئی ہیں۔ اجلاس میں مختلف امور پر تفصیلی غور کیا گیا اور فیصلہ کیا گیا کہ آئندہ اجلاس میں مزید پیش رفت کا جائزہ لیا جائے گا۔

جبکہ انہوں نے مزید کہا کہ حکومت کی جانب سے عوام کو ریلیف دینے کے لئے اقدامات کئے جا رہے ہیں اور صوبے میں امن و امان کی صورتحال کو بہتر بنانے کے لئے پولیس کو ہدایات جاری کر دی گئی ہیں۔ اجلاس میں مختلف امور پر تفصیلی غور کیا گیا اور فیصلہ کیا گیا کہ آئندہ اجلاس میں مزید پیش رفت کا جائزہ لیا جائے گا۔

53	← بقیہ

جبکہ انہوں نے مزید کہا کہ حکومت کی جانب سے عوام کو ریلیف دینے کے لئے اقدامات کئے جا رہے ہیں اور صوبے میں امن و امان کی صورتحال کو بہتر بنانے کے لئے پولیس کو ہدایات جاری کر دی گئی ہیں۔ اجلاس میں مختلف امور پر تفصیلی غور کیا گیا اور فیصلہ کیا گیا کہ آئندہ اجلاس میں مزید پیش رفت کا جائزہ لیا جائے گا۔

54	← بقیہ

جبکہ انہوں نے مزید کہا کہ حکومت کی جانب سے عوام کو ریلیف دینے کے لئے اقدامات کئے جا رہے ہیں اور صوبے میں امن و امان کی صورتحال کو بہتر بنانے کے لئے پولیس کو ہدایات جاری کر دی گئی ہیں۔ اجلاس میں مختلف امور پر تفصیلی غور کیا گیا اور فیصلہ کیا گیا کہ آئندہ اجلاس میں مزید پیش رفت کا جائزہ لیا جائے گا۔

55	← بقیہ

جبکہ انہوں نے مزید کہا کہ حکومت کی جانب سے عوام کو ریلیف دینے کے لئے اقدامات کئے جا رہے ہیں اور صوبے میں امن و امان کی صورتحال کو بہتر بنانے کے لئے پولیس کو ہدایات جاری کر دی گئی ہیں۔ اجلاس میں مختلف امور پر تفصیلی غور کیا گیا اور فیصلہ کیا گیا کہ آئندہ اجلاس میں مزید پیش رفت کا جائزہ لیا جائے گا۔

56	← بقیہ

جبکہ انہوں نے مزید کہا کہ حکومت کی جانب سے عوام کو ریلیف دینے کے لئے اقدامات کئے جا رہے ہیں اور صوبے میں امن و امان کی صورتحال کو بہتر بنانے کے لئے پولیس کو ہدایات جاری کر دی گئی ہیں۔ اجلاس میں مختلف امور پر تفصیلی غور کیا گیا اور فیصلہ کیا گیا کہ آئندہ اجلاس میں مزید پیش رفت کا جائزہ لیا جائے گا۔

57	← بقیہ

جبکہ انہوں نے مزید کہا کہ حکومت کی جانب سے عوام کو ریلیف دینے کے لئے اقدامات کئے جا رہے ہیں اور صوبے میں امن و امان کی صورتحال کو بہتر بنانے کے لئے پولیس کو ہدایات جاری کر دی گئی ہیں۔ اجلاس میں مختلف امور پر تفصیلی غور کیا گیا اور فیصلہ کیا گیا کہ آئندہ اجلاس میں مزید پیش رفت کا جائزہ لیا جائے گا۔

58	← بقیہ

جبکہ انہوں نے مزید کہا کہ حکومت کی جانب سے عوام کو ریلیف دینے کے لئے اقدامات کئے جا رہے ہیں اور صوبے میں امن و امان کی صورتحال کو بہتر بنانے کے لئے پولیس کو ہدایات جاری کر دی گئی ہیں۔ اجلاس میں مختلف امور پر تفصیلی غور کیا گیا اور فیصلہ کیا گیا کہ آئندہ اجلاس میں مزید پیش رفت کا جائزہ لیا جائے گا۔

59	← بقیہ

جبکہ انہوں نے مزید کہا کہ حکومت کی جانب سے عوام کو ریلیف دینے کے لئے اقدامات کئے جا رہے ہیں اور صوبے میں امن و امان کی صورتحال کو بہتر بنانے کے لئے پولیس کو ہدایات جاری کر دی گئی ہیں۔ اجلاس میں مختلف امور پر تفصیلی غور کیا گیا اور فیصلہ کیا گیا کہ آئندہ اجلاس میں مزید پیش رفت کا جائزہ لیا جائے گا۔

جبکہ انہوں نے مزید کہا کہ حکومت کی جانب سے عوام کو ریلیف دینے کے لئے اقدامات کئے جا رہے ہیں اور صوبے میں امن و امان کی صورتحال کو بہتر بنانے کے لئے پولیس کو ہدایات جاری کر دی گئی ہیں۔ اجلاس میں مختلف امور پر تفصیلی غور کیا گیا اور فیصلہ کیا گیا کہ آئندہ اجلاس میں مزید پیش رفت کا جائزہ لیا جائے گا۔

جبکہ انہوں نے مزید کہا کہ حکومت کی جانب سے عوام کو ریلیف دینے کے لئے اقدامات کئے جا رہے ہیں اور صوبے میں امن و امان کی صورتحال کو بہتر بنانے کے لئے پولیس کو ہدایات جاری کر دی گئی ہیں۔ اجلاس میں مختلف امور پر تفصیلی غور کیا گیا اور فیصلہ کیا گیا کہ آئندہ اجلاس میں مزید پیش رفت کا جائزہ لیا جائے گا۔

جبکہ انہوں نے مزید کہا کہ حکومت کی جانب سے عوام کو ریلیف دینے کے لئے اقدامات کئے جا رہے ہیں اور صوبے میں امن و امان کی صورتحال کو بہتر بنانے کے لئے پولیس کو ہدایات جاری کر دی گئی ہیں۔ اجلاس میں مختلف امور پر تفصیلی غور کیا گیا اور فیصلہ کیا گیا کہ آئندہ اجلاس میں مزید پیش رفت کا جائزہ لیا جائے گا۔

جبکہ انہوں نے مزید کہا کہ حکومت کی جانب سے عوام کو ریلیف دینے کے لئے اقدامات کئے جا رہے ہیں اور صوبے میں امن و امان کی صورتحال کو بہتر بنانے کے لئے پولیس کو ہدایات جاری کر دی گئی ہیں۔ اجلاس میں مختلف امور پر تفصیلی غور کیا گیا اور فیصلہ کیا گیا کہ آئندہ اجلاس میں مزید پیش رفت کا جائزہ لیا جائے گا۔

جبکہ انہوں نے مزید کہا کہ حکومت کی جانب سے عوام کو ریلیف دینے کے لئے اقدامات کئے جا رہے ہیں اور صوبے میں امن و امان کی صورتحال کو بہتر بنانے کے لئے پولیس کو ہدایات جاری کر دی گئی ہیں۔ اجلاس میں مختلف امور پر تفصیلی غور کیا گیا اور فیصلہ کیا گیا کہ آئندہ اجلاس میں مزید پیش رفت کا جائزہ لیا جائے گا۔

جبکہ انہوں نے مزید کہا کہ حکومت کی جانب سے عوام کو ریلیف دینے کے لئے اقدامات کئے جا رہے ہیں اور صوبے میں امن و امان کی صورتحال کو بہتر بنانے کے لئے پولیس کو ہدایات جاری کر دی گئی ہیں۔ اجلاس میں مختلف امور پر تفصیلی غور کیا گیا اور فیصلہ کیا گیا کہ آئندہ اجلاس میں مزید پیش رفت کا جائزہ لیا جائے گا۔

جبکہ انہوں نے مزید کہا کہ حکومت کی جانب سے عوام کو ریلیف دینے کے لئے اقدامات کئے جا رہے ہیں اور صوبے میں امن و امان کی صورتحال کو بہتر بنانے کے لئے پولیس کو ہدایات جاری کر دی گئی ہیں۔ اجلاس میں مختلف امور پر تفصیلی غور کیا گیا اور فیصلہ کیا گیا کہ آئندہ اجلاس میں مزید پیش رفت کا جائزہ لیا جائے گا۔

جبکہ انہوں نے مزید کہا کہ حکومت کی جانب سے عوام کو ریلیف دینے کے لئے اقدامات کئے جا رہے ہیں اور صوبے میں امن و امان کی صورتحال کو بہتر بنانے کے لئے پولیس کو ہدایات جاری کر دی گئی ہیں۔ اجلاس میں مختلف امور پر تفصیلی غور کیا گیا اور فیصلہ کیا گیا کہ آئندہ اجلاس میں مزید پیش رفت کا جائزہ لیا جائے گا۔

60	← بقیہ

جبکہ انہوں نے مزید کہا کہ حکومت کی جانب سے عوام کو ریلیف دینے کے لئے اقدامات کئے جا رہے ہیں اور صوبے میں امن و امان کی صورتحال کو بہتر بنانے کے لئے پولیس کو ہدایات جاری کر دی گئی ہیں۔ اجلاس میں مختلف امور پر تفصیلی غور کیا گیا اور فیصلہ کیا گیا کہ آئندہ اجلاس میں مزید پیش رفت کا جائزہ لیا جائے گا۔

61	← بقیہ

جبکہ انہوں نے مزید کہا کہ حکومت کی جانب سے عوام کو ریلیف دینے کے لئے اقدامات کئے جا رہے ہیں اور صوبے میں امن و امان کی صورتحال کو بہتر بنانے کے لئے پولیس کو ہدایات جاری کر دی گئی ہیں۔ اجلاس میں مختلف امور پر تفصیلی غور کیا گیا اور فیصلہ کیا گیا کہ آئندہ اجلاس میں مزید پیش رفت کا جائزہ لیا جائے گا۔

62	← بقیہ

جبکہ انہوں نے مزید کہا کہ حکومت کی جانب سے عوام کو ریلیف دینے کے لئے اقدامات کئے جا رہے ہیں اور صوبے میں امن و امان کی صورتحال کو بہتر بنانے کے لئے پولیس کو ہدایات جاری کر دی گئی ہیں۔ اجلاس میں مختلف امور پر تفصیلی غور کیا گیا اور فیصلہ کیا گیا کہ آئندہ اجلاس میں مزید پیش رفت کا جائزہ لیا جائے گا۔

63	← بقیہ

جبکہ انہوں نے مزید کہا کہ حکومت کی جانب سے عوام کو ریلیف دینے کے لئے اقدامات کئے جا رہے ہیں اور صوبے میں امن و امان کی صورتحال کو بہتر بنانے کے لئے پولیس کو ہدایات جاری کر دی گئی ہیں۔ اجلاس میں مختلف امور پر تفصیلی غور کیا گیا اور فیصلہ کیا گیا کہ آئندہ اجلاس میں مزید پیش رفت کا جائزہ لیا جائے گا۔

64	← بقیہ

جبکہ انہوں نے مزید کہا کہ حکومت کی جانب سے عوام کو ریلیف دینے کے لئے اقدامات کئے جا رہے ہیں اور صوبے میں امن و امان کی صورتحال کو بہتر بنانے کے لئے پولیس کو ہدایات جاری کر دی گئی ہیں۔ اجلاس میں مختلف امور پر تفصیلی غور کیا گیا اور فیصلہ کیا گیا کہ آئندہ اجلاس میں مزید پیش رفت کا جائزہ لیا جائے گا۔

جبکہ انہوں نے مزید کہا کہ حکومت کی جانب سے عوام کو ریلیف دینے کے لئے اقدامات کئے جا رہے ہیں اور صوبے میں امن و امان کی صورتحال کو بہتر بنانے کے لئے پولیس کو ہدایات جاری کر دی گئی ہیں۔ اجلاس میں مختلف امور پر تفصیلی غور کیا گیا اور فیصلہ کیا گیا کہ آئندہ اجلاس میں مزید پیش رفت کا جائزہ لیا جائے گا۔

جبکہ انہوں نے مزید کہا کہ حکومت کی جانب سے عوام کو ریلیف دینے کے لئے اقدامات کئے جا رہے ہیں اور صوبے میں امن و امان کی صورتحال کو بہتر بنانے کے لئے پولیس کو ہدایات جاری کر دی گئی ہیں۔ اجلاس میں مختلف امور پر تفصیلی غور کیا گیا اور فیصلہ کیا گیا کہ آئندہ اجلاس میں مزید پیش رفت کا جائزہ لیا جائے گا۔

جبکہ انہوں نے مزید کہا کہ حکومت کی جانب سے عوام کو ریلیف دینے کے لئے اقدامات کئے جا رہے ہیں اور صوبے میں امن و امان کی صورتحال کو بہتر بنانے کے لئے پولیس کو ہدایات جاری کر دی گئی ہیں۔ اجلاس میں مختلف امور پر تفصیلی غور کیا گیا اور فیصلہ کیا گیا کہ آئندہ اجلاس میں مزید پیش رفت کا جائزہ لیا جائے گا۔

جبکہ انہوں نے مزید کہا کہ حکومت کی جانب سے عوام کو ریلیف دینے کے لئے اقدامات کئے جا رہے ہیں اور صوبے میں امن و امان کی صورتحال کو بہتر بنانے کے لئے پولیس کو ہدایات جاری کر دی گئی ہیں۔ اجلاس میں مختلف امور پر تفصیلی غور کیا گیا اور فیصلہ کیا گیا کہ آئندہ اجلاس میں مزید پیش رفت کا جائزہ لیا جائے گا۔

جبکہ انہوں نے مزید کہا کہ حکومت کی جانب سے عوام کو ریلیف دینے کے لئے اقدامات کئے جا رہے ہیں اور صوبے میں امن و امان کی صورتحال کو بہتر بنانے کے لئے پولیس کو ہدایات جاری کر دی گئی ہیں۔ اجلاس میں مختلف امور پر تفصیلی غور کیا گیا اور فیصلہ کیا گیا کہ آئندہ اجلاس میں مزید پیش رفت کا جائزہ لیا جائے گا۔

جبکہ انہوں نے مزید کہا کہ حکومت کی جانب سے عوام کو ریلیف دینے کے لئے اقدامات کئے جا رہے ہیں اور صوبے میں امن و امان کی صورتحال کو بہتر بنانے کے لئے پولیس کو ہدایات جاری کر دی گئی ہیں۔ اجلاس میں مختلف امور پر تفصیلی غور کیا گیا اور فیصلہ کیا گیا کہ آئندہ اجلاس میں مزید پیش رفت کا جائزہ لیا جائے گا۔

1	←	بقیہ

جبکہ انہوں نے مزید کہا کہ حکومت کی جانب سے عوام کو ریلیف دینے کے لئے اقدامات کئے جا رہے ہیں اور صوبے میں امن و امان کی صورتحال کو بہتر بنانے کے لئے پولیس کو ہدایات جاری کر دی گئی ہیں۔ اجلاس میں مختلف امور پر تفصیلی غور کیا گیا اور فیصلہ کیا گیا کہ آئندہ اجلاس میں مزید پیش رفت کا جائزہ لیا جائے گا۔

2	←	بقیہ

جبکہ انہوں نے مزید کہا کہ حکومت کی جانب سے عوام کو ریلیف دینے کے لئے اقدامات کئے جا رہے ہیں اور صوبے میں امن و امان کی صورتحال کو بہتر بنانے کے لئے پولیس کو ہدایات جاری کر دی گئی ہیں۔ اجلاس میں مختلف امور پر تفصیلی غور کیا گیا اور فیصلہ کیا گیا کہ آئندہ اجلاس میں مزید پیش رفت کا جائزہ لیا جائے گا۔

3	←	بقیہ

جبکہ انہوں نے مزید کہا کہ حکومت کی جانب سے عوام کو ریلیف دینے کے لئے اقدامات کئے جا رہے ہیں اور صوبے میں امن و امان کی صورتحال کو بہتر بنانے کے لئے پولیس کو ہدایات جاری کر دی گئی ہیں۔ اجلاس میں مختلف امور پر تفصیلی غور کیا گیا اور فیصلہ کیا گیا کہ آئندہ اجلاس میں مزید پیش رفت کا جائزہ لیا جائے گا۔

4	←	بقیہ

جبکہ انہوں نے مزید کہا کہ حکومت کی جانب سے عوام کو ریلیف دینے کے لئے اقدامات کئے جا رہے ہیں اور صوبے میں امن و امان کی صورتحال کو بہتر بنانے کے لئے پولیس کو ہدایات جاری کر دی گئی ہیں۔ اجلاس میں مختلف امور پر تفصیلی غور کیا گیا اور فیصلہ کیا گیا کہ آئندہ اجلاس میں مزید پیش رفت کا جائزہ لیا جائے گا۔

5	←	بقیہ

جبکہ انہوں نے مزید کہا کہ حکومت کی جانب سے عوام کو ریلیف دینے کے لئے اقدامات کئے جا رہے ہیں اور صوبے میں امن و امان کی صورتحال کو بہتر بنانے کے لئے پولیس کو ہدایات جاری کر دی گئی ہیں۔ اجلاس میں مختلف امور پر تفصیلی غور کیا گیا اور فیصلہ کیا گیا کہ آئندہ اجلاس میں مزید پیش رفت کا جائزہ لیا جائے گا۔

6	←	بقیہ

جبکہ انہوں نے مزید کہا کہ حکومت کی جانب سے عوام کو ریلیف دینے کے لئے اقدامات کئے جا رہے ہیں اور صوبے میں امن و امان کی صورتحال کو بہتر بنانے کے لئے پولیس کو ہدایات جاری کر دی گئی ہیں۔ اجلاس میں مختلف امور پر تفصیلی غور کیا گیا اور فیصلہ کیا گیا کہ آئندہ اجلاس میں مزید پیش رفت کا جائزہ لیا جائے گا۔

7	←	بقیہ

جبکہ انہوں نے مزید کہا کہ حکومت کی جانب سے عوام کو ریلیف دینے کے لئے اقدامات کئے جا رہے ہیں اور صوبے میں امن و امان کی صورتحال کو بہتر بنانے کے لئے پولیس کو ہدایات جاری کر دی گئی ہیں۔ اجلاس میں مختلف امور پر تفصیلی غور کیا گیا اور فیصلہ کیا گیا کہ آئندہ اجلاس میں مزید پیش رفت کا جائزہ لیا جائے گا۔

8	←	بقیہ

جبکہ انہوں نے مزید کہا کہ حکومت کی جانب سے عوام کو ریلیف دینے کے لئے اقدامات کئے جا رہے ہیں اور صوبے میں امن و امان کی صورتحال کو بہتر بنانے کے لئے پولیس کو ہدایات جاری کر دی گئی ہیں۔ اجلاس میں مختلف امور پر تفصیلی غور کیا گیا اور فیصلہ کیا گیا کہ آئندہ اجلاس میں مزید پیش رفت کا جائزہ لیا جائے گا۔

جبکہ انہوں نے مزید کہا کہ حکومت کی جانب سے عوام کو ریلیف دینے کے لئے اقدامات کئے جا رہے ہیں اور صوبے میں امن و امان کی صورتحال کو بہتر بنانے کے لئے پولیس کو ہدایات جاری کر دی گئی ہیں۔ اجلاس میں مختلف امور پر تفصیلی غور کیا گیا اور فیصلہ کیا گیا کہ آئندہ اجلاس میں مزید پیش رفت کا جائزہ لیا جائے گا۔

جبکہ انہوں نے مزید کہا کہ حکومت کی جانب سے عوام کو ریلیف دینے کے لئے اقدامات کئے جا رہے ہیں اور صوبے میں امن و امان کی صورتحال کو بہتر بنانے کے لئے پولیس کو ہدایات جاری کر دی گئی ہیں۔ اجلاس میں مختلف امور پر تفصیلی غور کیا گیا اور فیصلہ کیا گیا کہ آئندہ اجلاس میں مزید پیش رفت کا جائزہ لیا جائے گا۔

جبکہ انہوں نے مزید کہا کہ حکومت کی جانب سے عوام کو ریلیف دینے کے لئے اقدامات کئے جا رہے ہیں اور صوبے میں امن و امان کی صورتحال کو بہتر بنانے کے لئے پولیس کو ہدایات جاری کر دی گئی ہیں۔ اجلاس میں مختلف امور پر تفصیلی غور کیا گیا اور فیصلہ کیا گیا کہ آئندہ اجلاس میں مزید پیش رفت کا جائزہ لیا جائے گا۔

جبکہ انہوں نے مزید کہا کہ حکومت کی جانب سے عوام کو ریلیف دینے کے لئے اقدامات کئے جا رہے ہیں اور صوبے میں امن و امان کی صورتحال کو بہتر بنانے کے لئے پولیس کو ہدایات جاری کر دی گئی ہیں۔ اجلاس میں مختلف امور پر تفصیلی غور کیا گیا اور فیصلہ کیا گیا کہ آئندہ اجلاس میں مزید پیش رفت کا جائزہ لیا جائے گا۔

جبکہ انہوں نے مزید کہا کہ حکومت کی جانب سے عوام کو ریلیف دینے کے لئے اقدامات کئے جا رہے ہیں اور صوبے میں امن و امان کی صورتحال کو بہتر بنانے کے لئے پولیس کو ہدایات جاری کر دی گئی ہیں۔ اجلاس میں مختلف امور پر تفصیلی غور کیا گیا اور فیصلہ کیا گیا کہ آئندہ اجلاس میں مزید پیش رفت کا جائزہ لیا جائے گا۔

جبکہ انہوں نے مزید کہا کہ حکومت کی جانب سے عوام کو ریلیف دینے کے لئے اقدامات کئے جا رہے ہیں اور صوبے میں امن و امان کی صورتحال کو بہتر بنانے کے لئے پولیس کو ہدایات جاری کر دی گئی ہیں۔ اجلاس میں مختلف امور پر تفصیلی غور کیا گیا اور فیصلہ کیا گیا کہ آئندہ اجلاس میں مزید پیش رفت کا جائزہ لیا جائے گا۔

جبکہ انہوں نے مزید کہا کہ حکومت کی جانب سے عوام کو ریلیف دینے کے لئے اقدامات کئے جا رہے ہیں اور صوبے میں امن و امان کی صورتحال کو بہتر بنانے کے لئے پولیس کو ہدایات جاری کر دی گئی ہیں۔ اجلاس میں مختلف امور پر تفصیلی غور کیا گیا اور فیصلہ کیا گیا کہ آئندہ اجلاس میں مزید پیش رفت کا جائزہ لیا جائے گا۔

جبکہ انہوں نے مزید کہا کہ حکومت کی جانب سے عوام کو ریلیف دینے کے لئے اقدامات کئے جا رہے ہیں اور صوبے میں امن و امان کی صورتحال کو بہتر بنانے کے لئے پولیس کو ہدایات جاری کر دی گئی ہیں۔ اجلاس میں مختلف امور پر تفصیلی غور کیا گیا اور فیصلہ کیا گیا کہ آئندہ اجلاس میں مزید پیش رفت کا جائزہ لیا جائے گا۔

جبکہ انہوں نے مزید کہا کہ حکومت کی جانب سے عوام کو ریلیف دینے کے لئے اقدامات کئے جا رہے ہیں اور صوبے میں امن و امان کی صورتحال کو بہتر بنانے کے لئے پولیس کو ہدایات جاری کر دی گئی ہیں۔ اجلاس میں مختلف امور پر تفصیلی غور کیا گیا اور فیصلہ کیا گیا کہ آئندہ اجلاس میں مزید پیش رفت کا جائزہ لیا جائے گا۔

جبکہ انہوں نے مزید کہا کہ حکومت کی جانب سے عوام کو ریلیف دینے کے لئے اقدامات کئے جا رہے ہیں اور صوبے میں امن و امان کی صورتحال کو بہتر بنانے کے لئے پولیس کو ہدایات جاری کر دی گئی ہیں۔ اجلاس میں مختلف امور پر تفصیلی غور کیا گیا اور فیصلہ کیا گیا کہ آئندہ اجلاس میں مزید پیش رفت کا جائزہ لیا جائے گا۔

جبکہ انہوں نے مزید کہا کہ حکومت کی جانب سے عوام کو ریلیف دینے کے لئے اقدامات کئے جا رہے ہیں اور صوبے میں امن و امان کی صورتحال کو بہتر بنانے کے لئے پولیس کو ہدایات جاری کر دی گئی ہیں۔ اجلاس میں مختلف امور پر تفصیلی غور کیا گیا اور فیصلہ کیا گیا کہ آئندہ اجلاس میں مزید پیش رفت کا جائزہ لیا جائے گا۔

جبکہ انہوں نے مزید کہا کہ حکومت کی جانب سے عوام کو ریلیف دینے کے لئے اقدامات کئے جا رہے ہیں اور صوبے میں امن و امان کی صورتحال کو بہتر بنانے کے لئے پولیس کو ہدایات جاری کر دی گئی ہیں۔ اجلاس میں مختلف امور پر تفصیلی غور کیا گیا اور فیصلہ کیا گیا کہ آئندہ اجلاس میں مزید پیش رفت کا جائزہ لیا جائے گا۔

جبکہ انہوں نے مزید کہا کہ حکومت کی جانب سے عوام کو ریلیف دینے کے لئے اقدامات کئے جا رہے ہیں اور صوبے میں امن و امان کی صورتحال کو بہتر بنانے کے لئے پولیس کو ہدایات جاری کر دی گئی ہیں۔ اجلاس میں مختلف امور پر تفصیلی غور کیا گیا اور فیصلہ کیا گیا کہ آئندہ اجلاس میں مزید پیش رفت کا جائزہ لیا جائے گا۔

جبکہ انہوں نے مزید کہا کہ حکومت کی جانب سے عوام کو ریلیف دینے کے لئے اقدامات کئے جا رہے ہیں اور صوبے میں امن و امان کی صورتحال کو بہتر بنانے کے لئے پولیس کو ہدایات جاری کر دی گئی ہیں۔ اجلاس میں مختلف امور پر تفصیلی غور کیا گیا اور فیصلہ کیا گیا کہ آئندہ اجلاس میں مزید پیش رفت کا جائزہ لیا جائے گا۔

جبکہ انہوں نے مزید کہا کہ حکومت کی جانب سے عوام کو ریلیف دینے کے لئے اقدامات کئے جا رہے ہیں اور صوبے میں امن و امان کی صورتحال کو بہتر بنانے کے لئے پولیس کو ہدایات جاری کر دی گئی ہیں۔ اجلاس میں مختلف امور پر تفصیلی غور کیا گیا اور فیصلہ کیا گیا کہ آئندہ اجلاس میں مزید پیش رفت کا جائزہ لیا جائے گا۔

جبکہ انہوں نے مزید کہا کہ حکومت کی جانب سے عوام کو ریلیف دینے کے لئے اقدامات کئے جا رہے ہیں اور صوبے میں امن و امان کی صورتحال کو بہتر بنانے کے لئے پولیس کو ہدایات جاری کر دی گئی ہیں۔ اجلاس میں مختلف امور پر تفصیلی غور کیا گیا اور فیصلہ کیا گیا کہ آئندہ اجلاس میں مزید پیش رفت کا جائزہ لیا جائے گا۔

جبکہ انہوں نے مزید کہا کہ حکومت کی جانب سے عوام کو ریلیف دینے کے لئے اقدامات کئے جا رہے ہیں اور صوبے میں امن و امان کی صورتحال کو بہتر بنانے کے لئے پولیس کو ہدایات جاری کر دی گئی ہیں۔ اجلاس میں مختلف امور پر تفصیلی غور کیا گیا اور فیصلہ کیا گیا کہ آئندہ اجلاس میں مزید پیش رفت کا جائزہ لیا جائے گا۔

جبکہ انہوں نے مزید کہا کہ حکومت کی جانب سے عوام کو ریلیف دینے کے لئے اقدامات کئے جا رہے ہیں اور صوبے میں امن و امان کی صورتحال کو بہتر بنانے کے لئے پولیس کو ہدایات جاری کر دی گئی ہیں۔ اجلاس میں مختلف امور پر تفصیلی غور کیا گیا اور فیصلہ کیا گیا کہ آئندہ اجلاس میں مزید پیش رفت کا جائزہ لیا جائے گا۔

جبکہ انہوں نے مزید کہا کہ حکومت کی جانب سے عوام کو ریلیف دینے کے لئے اقدامات کئے جا رہے ہیں اور صوبے میں امن و امان کی صورتحال کو بہتر بنانے کے لئے پولیس کو ہدایات جاری کر دی گئی ہیں۔ اجلاس میں مختلف امور پر تفصیلی غور کیا گیا اور فیصلہ کیا گیا کہ آئندہ اجلاس میں مزید پیش رفت کا جائزہ لیا جائے گا۔

CLASSIFIED
عوامی اشتہارات
طلاق عاق
اطلاع عام

بذریعہ اشتہار ہذا مطلع کیا جاتا ہے کہ میرا قومی شناختی کارڈ گم ہو گیا ہے۔ جس کسی کو ملے برائے مہربانی درج ذیل نمبر پر رابطہ کریں۔

52205-4487269-

بذریعہ اشتہار ہذا مطلع کیا جاتا ہے کہ میرا قومی شناختی کارڈ گم ہو گیا ہے۔ جس کسی کو ملے برائے مہربانی درج ذیل نمبر پر رابطہ کریں۔

0333-3613021
